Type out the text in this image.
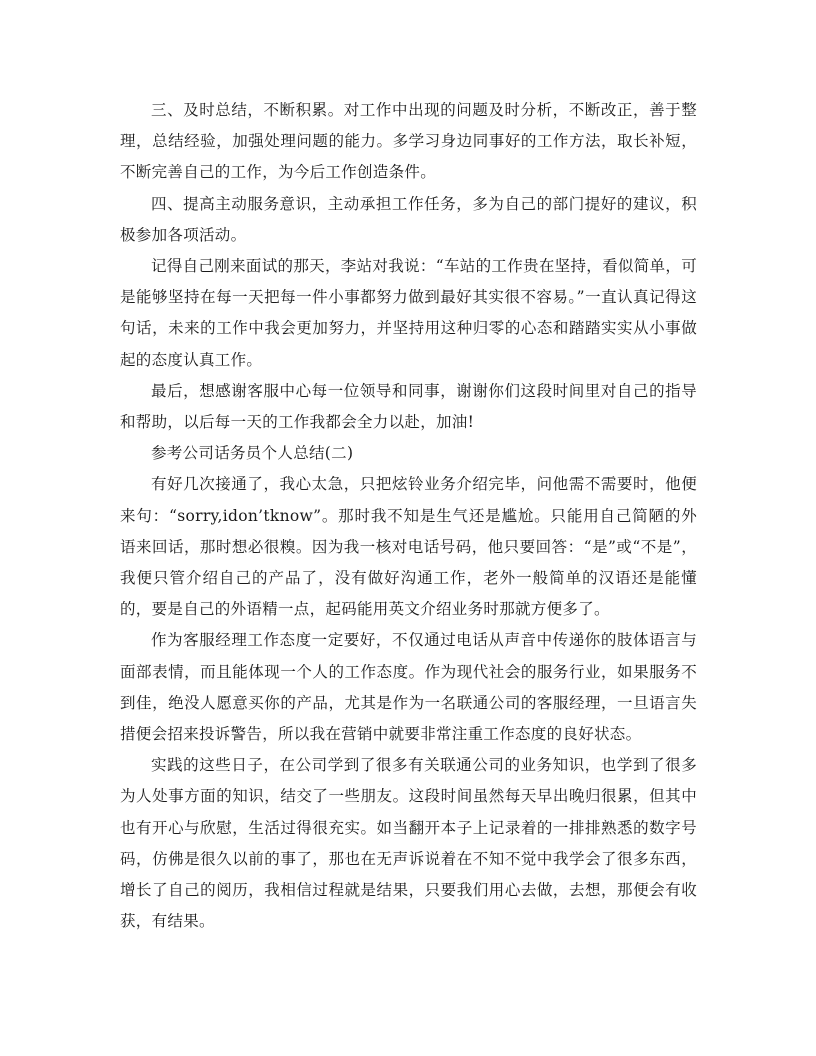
三、及时总结，不断积累。对工作中出现的问题及时分析，不断改正，善于整理，总结经验，加强处理问题的能力。多学习身边同事好的工作方法，取长补短，不断完善自己的工作，为今后工作创造条件。

四、提高主动服务意识，主动承担工作任务，多为自己的部门提好的建议，积极参加各项活动。

记得自己刚来面试的那天，李站对我说：“车站的工作贵在坚持，看似简单，可是能够坚持在每一天把每一件小事都努力做到最好其实很不容易。”一直认真记得这句话，未来的工作中我会更加努力，并坚持用这种归零的心态和踏踏实实从小事做起的态度认真工作。

最后，想感谢客服中心每一位领导和同事，谢谢你们这段时间里对自己的指导和帮助，以后每一天的工作我都会全力以赴，加油!

参考公司话务员个人总结(二)

有好几次接通了，我心太急，只把炫铃业务介绍完毕，问他需不需要时，他便来句：“sorry,idon’tknow”。那时我不知是生气还是尴尬。只能用自己简陋的外语来回话，那时想必很糗。因为我一核对电话号码，他只要回答：“是”或“不是”，我便只管介绍自己的产品了，没有做好沟通工作，老外一般简单的汉语还是能懂的，要是自己的外语精一点，起码能用英文介绍业务时那就方便多了。

作为客服经理工作态度一定要好，不仅通过电话从声音中传递你的肢体语言与面部表情，而且能体现一个人的工作态度。作为现代社会的服务行业，如果服务不到佳，绝没人愿意买你的产品，尤其是作为一名联通公司的客服经理，一旦语言失措便会招来投诉警告，所以我在营销中就要非常注重工作态度的良好状态。

实践的这些日子，在公司学到了很多有关联通公司的业务知识，也学到了很多为人处事方面的知识，结交了一些朋友。这段时间虽然每天早出晚归很累，但其中也有开心与欣慰，生活过得很充实。如当翻开本子上记录着的一排排熟悉的数字号码，仿佛是很久以前的事了，那也在无声诉说着在不知不觉中我学会了很多东西，增长了自己的阅历，我相信过程就是结果，只要我们用心去做，去想，那便会有收获，有结果。
